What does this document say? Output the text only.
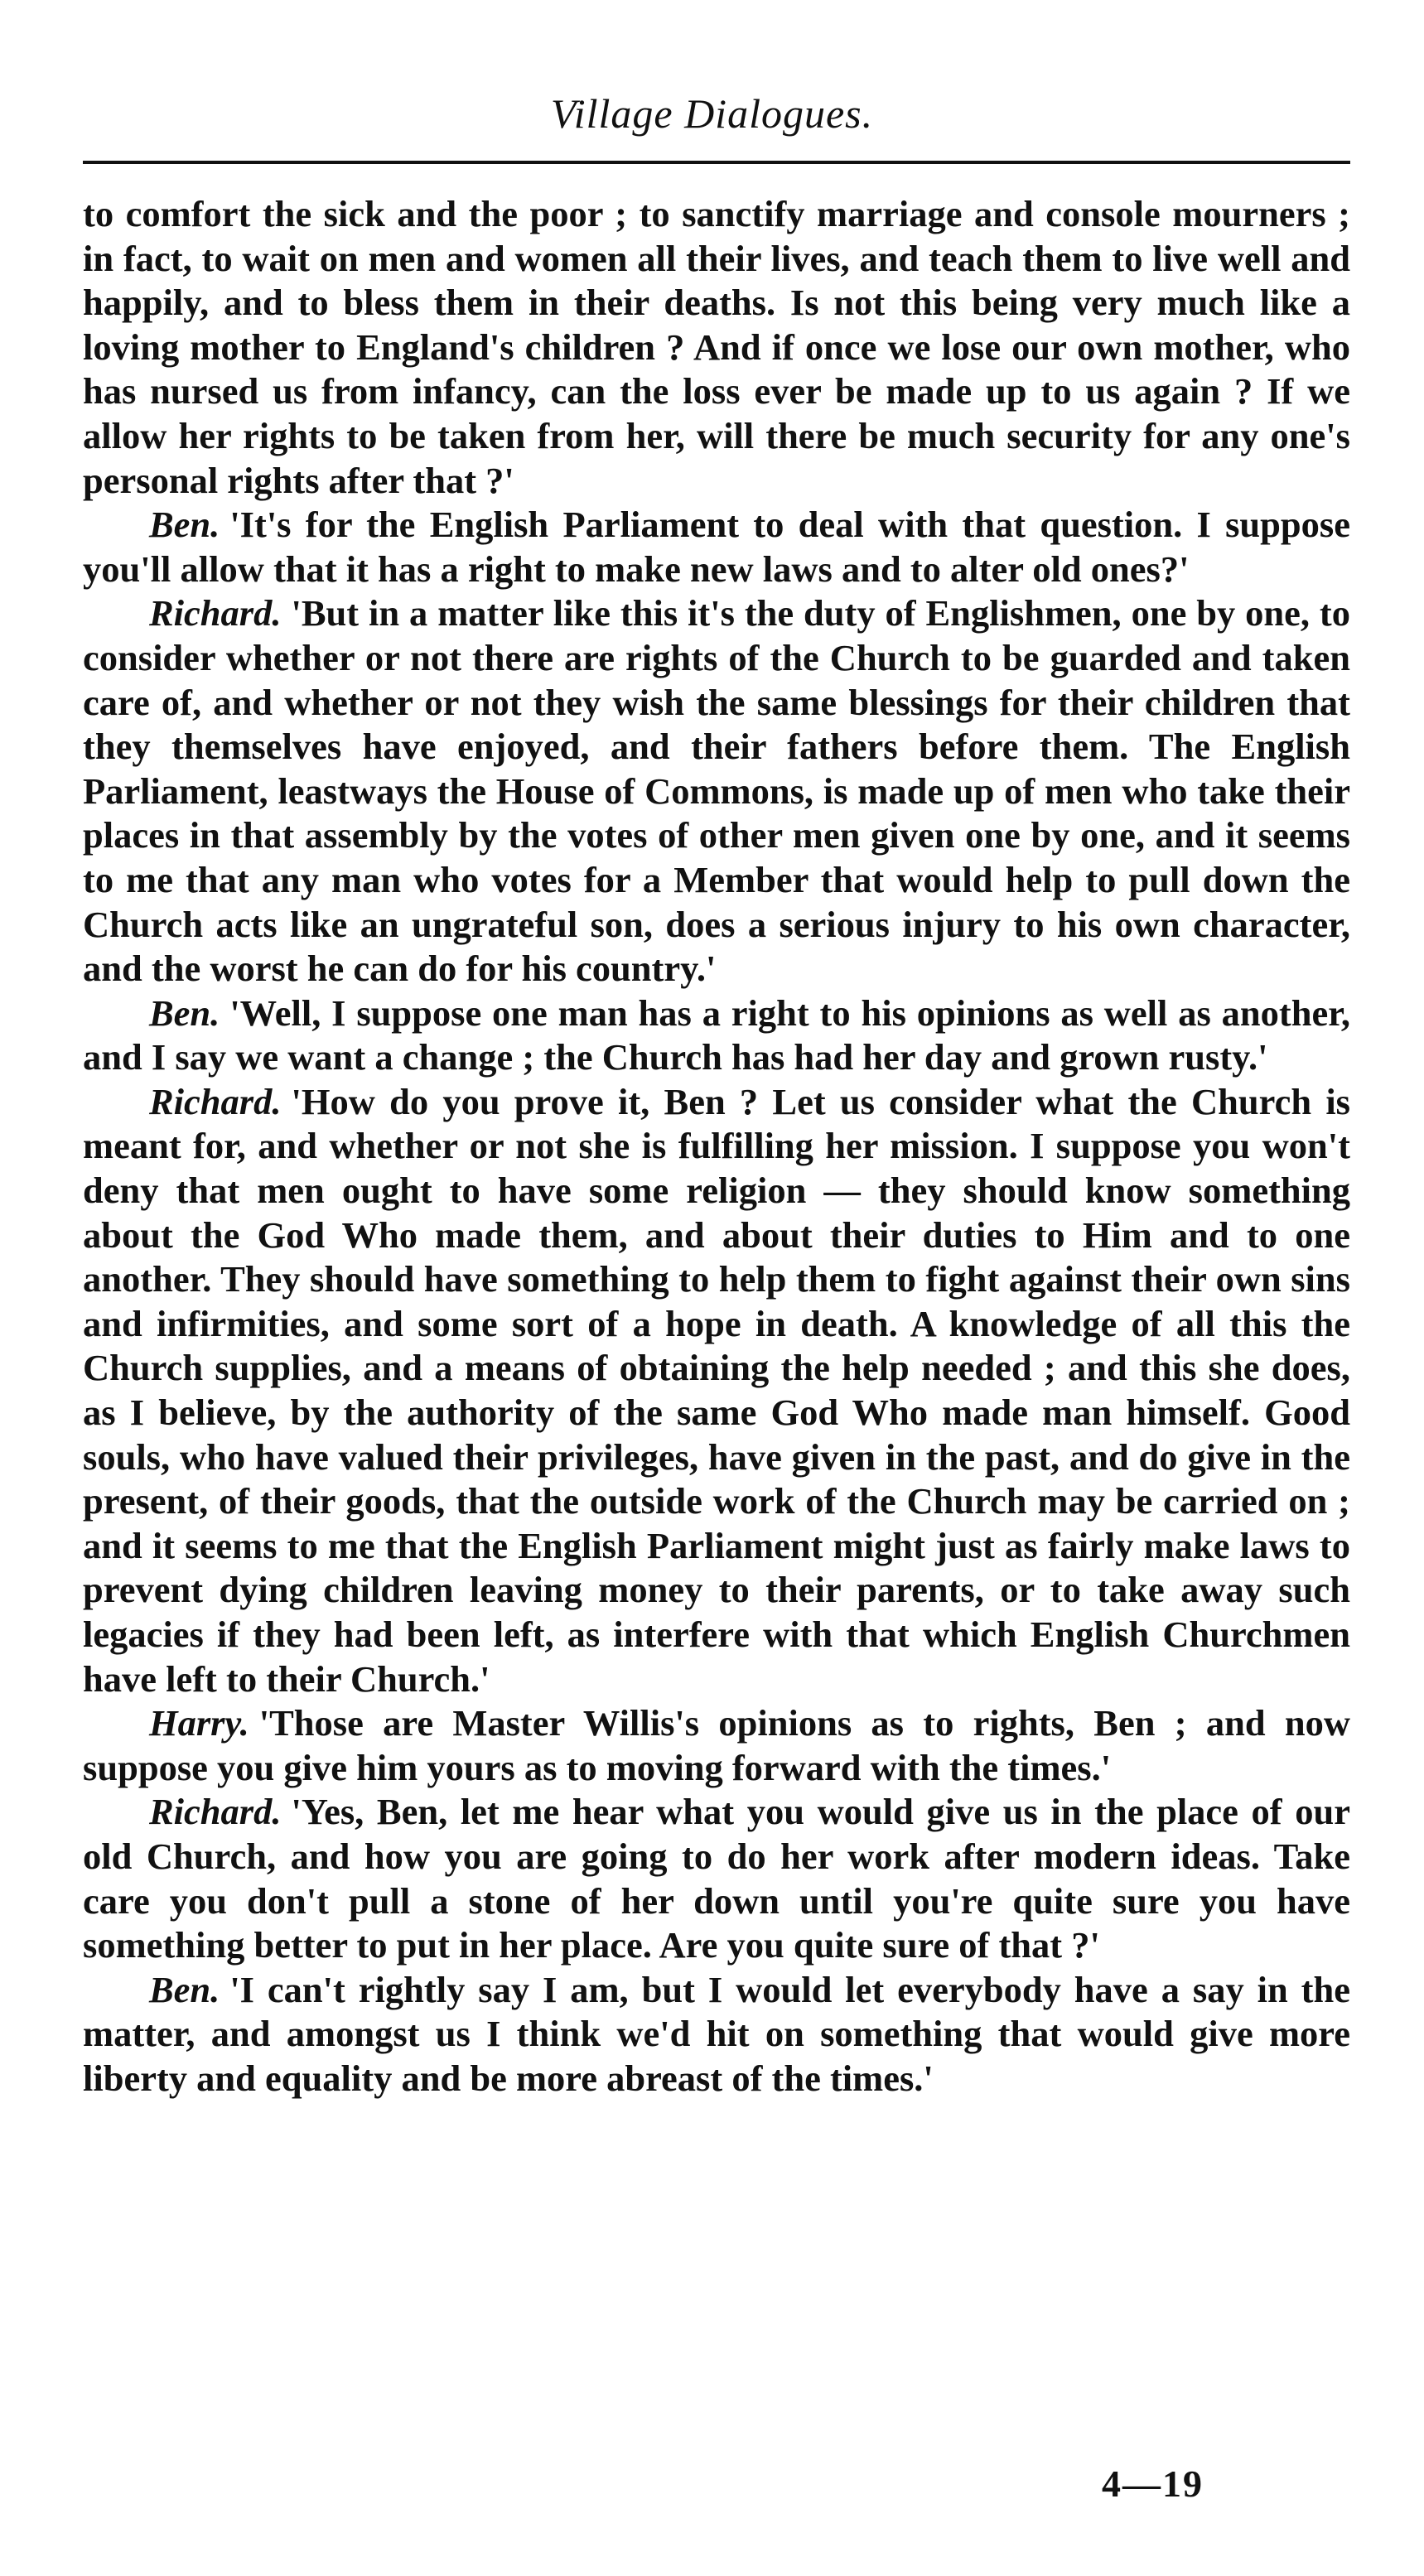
Village Dialogues.

to comfort the sick and the poor ; to sanctify marriage and console mourners ; in fact, to wait on men and women all their lives, and teach them to live well and happily, and to bless them in their deaths. Is not this being very much like a loving mother to England's children ? And if once we lose our own mother, who has nursed us from infancy, can the loss ever be made up to us again ? If we allow her rights to be taken from her, will there be much security for any one's personal rights after that ?'

Ben. 'It's for the English Parliament to deal with that question. I suppose you'll allow that it has a right to make new laws and to alter old ones?'

Richard. 'But in a matter like this it's the duty of Englishmen, one by one, to consider whether or not there are rights of the Church to be guarded and taken care of, and whether or not they wish the same blessings for their children that they themselves have enjoyed, and their fathers before them. The English Parliament, leastways the House of Commons, is made up of men who take their places in that assembly by the votes of other men given one by one, and it seems to me that any man who votes for a Member that would help to pull down the Church acts like an ungrateful son, does a serious injury to his own character, and the worst he can do for his country.'

Ben. 'Well, I suppose one man has a right to his opinions as well as another, and I say we want a change ; the Church has had her day and grown rusty.'

Richard. 'How do you prove it, Ben ? Let us consider what the Church is meant for, and whether or not she is fulfilling her mission. I suppose you won't deny that men ought to have some religion — they should know something about the God Who made them, and about their duties to Him and to one another. They should have something to help them to fight against their own sins and infirmities, and some sort of a hope in death. A knowledge of all this the Church supplies, and a means of obtaining the help needed ; and this she does, as I believe, by the authority of the same God Who made man himself. Good souls, who have valued their privileges, have given in the past, and do give in the present, of their goods, that the outside work of the Church may be carried on ; and it seems to me that the English Parliament might just as fairly make laws to prevent dying children leaving money to their parents, or to take away such legacies if they had been left, as interfere with that which English Churchmen have left to their Church.'

Harry. 'Those are Master Willis's opinions as to rights, Ben ; and now suppose you give him yours as to moving forward with the times.'

Richard. 'Yes, Ben, let me hear what you would give us in the place of our old Church, and how you are going to do her work after modern ideas. Take care you don't pull a stone of her down until you're quite sure you have something better to put in her place. Are you quite sure of that ?'

Ben. 'I can't rightly say I am, but I would let everybody have a say in the matter, and amongst us I think we'd hit on something that would give more liberty and equality and be more abreast of the times.'

4—19
